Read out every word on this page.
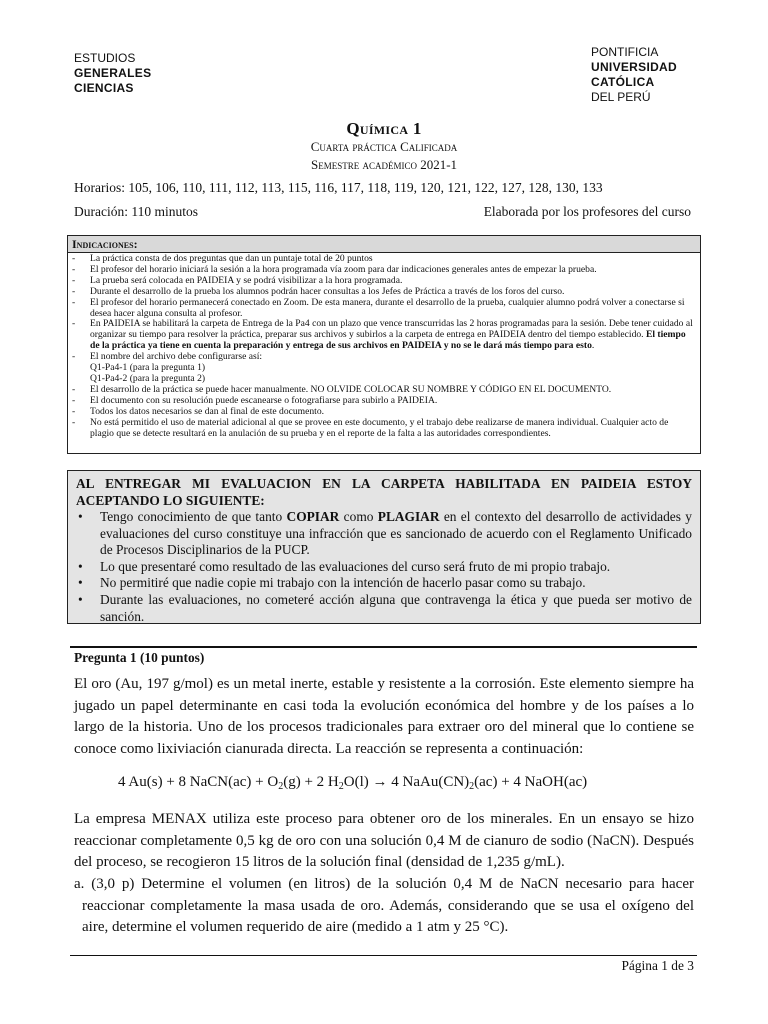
ESTUDIOS
GENERALES
CIENCIAS
PONTIFICIA
UNIVERSIDAD
CATÓLICA
DEL PERÚ
Química 1
Cuarta práctica Calificada
Semestre académico 2021-1
Horarios: 105, 106, 110, 111, 112, 113, 115, 116, 117, 118, 119, 120, 121, 122, 127, 128, 130, 133
Duración: 110 minutos	Elaborada por los profesores del curso
Indicaciones:
- La práctica consta de dos preguntas que dan un puntaje total de 20 puntos
- El profesor del horario iniciará la sesión a la hora programada vía zoom para dar indicaciones generales antes de empezar la prueba.
- La prueba será colocada en PAIDEIA y se podrá visibilizar a la hora programada.
- Durante el desarrollo de la prueba los alumnos podrán hacer consultas a los Jefes de Práctica a través de los foros del curso.
- El profesor del horario permanecerá conectado en Zoom. De esta manera, durante el desarrollo de la prueba, cualquier alumno podrá volver a conectarse si desea hacer alguna consulta al profesor.
- En PAIDEIA se habilitará la carpeta de Entrega de la Pa4 con un plazo que vence transcurridas las 2 horas programadas para la sesión. Debe tener cuidado al organizar su tiempo para resolver la práctica, preparar sus archivos y subirlos a la carpeta de entrega en PAIDEIA dentro del tiempo establecido. El tiempo de la práctica ya tiene en cuenta la preparación y entrega de sus archivos en PAIDEIA y no se le dará más tiempo para esto.
- El nombre del archivo debe configurarse así:
Q1-Pa4-1 (para la pregunta 1)
Q1-Pa4-2 (para la pregunta 2)
- El desarrollo de la práctica se puede hacer manualmente. NO OLVIDE COLOCAR SU NOMBRE Y CÓDIGO EN EL DOCUMENTO.
- El documento con su resolución puede escanearse o fotografiarse para subirlo a PAIDEIA.
- Todos los datos necesarios se dan al final de este documento.
- No está permitido el uso de material adicional al que se provee en este documento, y el trabajo debe realizarse de manera individual. Cualquier acto de plagio que se detecte resultará en la anulación de su prueba y en el reporte de la falta a las autoridades correspondientes.
AL ENTREGAR MI EVALUACION EN LA CARPETA HABILITADA EN PAIDEIA ESTOY ACEPTANDO LO SIGUIENTE:
• Tengo conocimiento de que tanto COPIAR como PLAGIAR en el contexto del desarrollo de actividades y evaluaciones del curso constituye una infracción que es sancionado de acuerdo con el Reglamento Unificado de Procesos Disciplinarios de la PUCP.
• Lo que presentaré como resultado de las evaluaciones del curso será fruto de mi propio trabajo.
• No permitiré que nadie copie mi trabajo con la intención de hacerlo pasar como su trabajo.
• Durante las evaluaciones, no cometeré acción alguna que contravenga la ética y que pueda ser motivo de sanción.
Pregunta 1 (10 puntos)
El oro (Au, 197 g/mol) es un metal inerte, estable y resistente a la corrosión. Este elemento siempre ha jugado un papel determinante en casi toda la evolución económica del hombre y de los países a lo largo de la historia. Uno de los procesos tradicionales para extraer oro del mineral que lo contiene se conoce como lixiviación cianurada directa. La reacción se representa a continuación:
4 Au(s) + 8 NaCN(ac) + $O_2(g) + 2$ $H_2O(l) \to 4$ $NaAu(CN)_2(ac) + 4$ NaOH(ac)
La empresa MENAX utiliza este proceso para obtener oro de los minerales. En un ensayo se hizo reaccionar completamente 0,5 kg de oro con una solución 0,4 M de cianuro de sodio (NaCN). Después del proceso, se recogieron 15 litros de la solución final (densidad de 1,235 g/mL).
a. (3,0 p) Determine el volumen (en litros) de la solución 0,4 M de NaCN necesario para hacer reaccionar completamente la masa usada de oro. Además, considerando que se usa el oxígeno del aire, determine el volumen requerido de aire (medido a 1 atm y 25 °C).
Página 1 de 3
